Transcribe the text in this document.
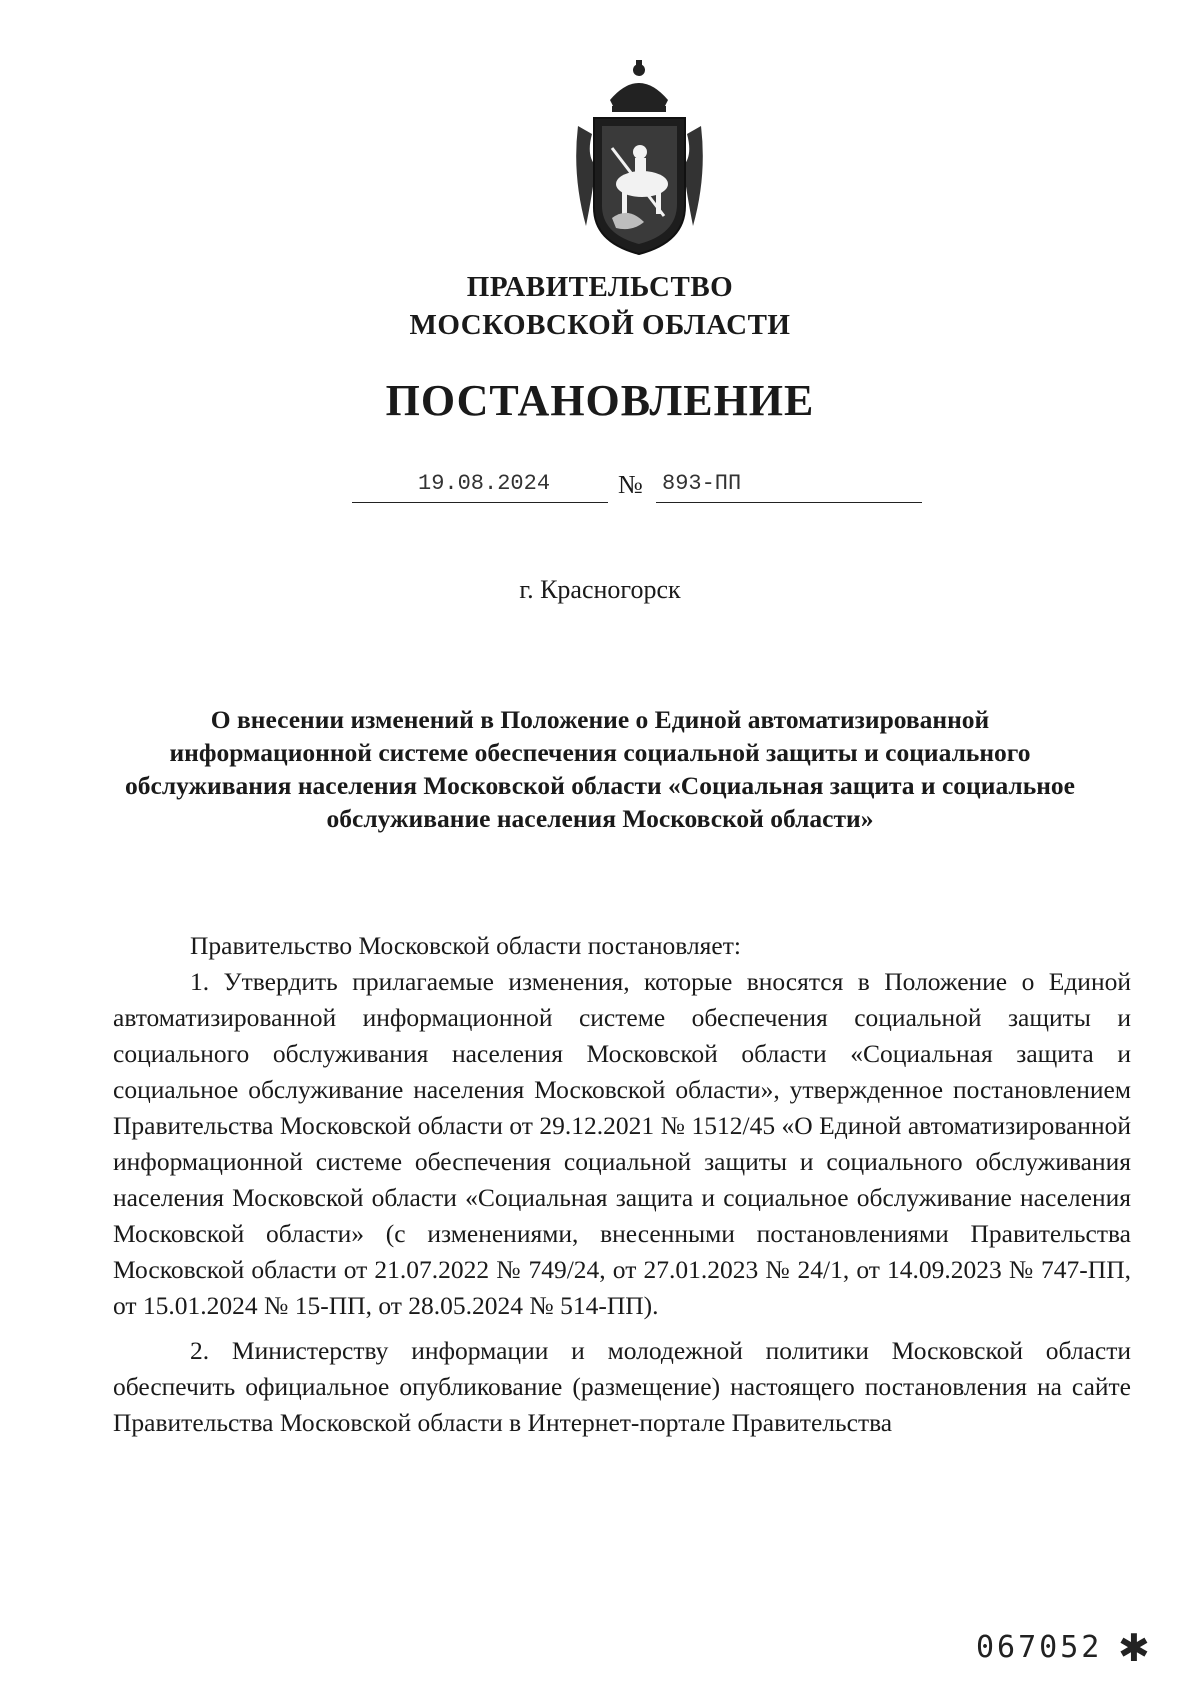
ПРАВИТЕЛЬСТВО
МОСКОВСКОЙ ОБЛАСТИ
ПОСТАНОВЛЕНИЕ
19.08.2024	№ 893-ПП
г. Красногорск
О внесении изменений в Положение о Единой автоматизированной информационной системе обеспечения социальной защиты и социального обслуживания населения Московской области «Социальная защита и социальное обслуживание населения Московской области»

Правительство Московской области постановляет:

1. Утвердить прилагаемые изменения, которые вносятся в Положение о Единой автоматизированной информационной системе обеспечения социальной защиты и социального обслуживания населения Московской области «Социальная защита и социальное обслуживание населения Московской области», утвержденное постановлением Правительства Московской области от 29.12.2021 № 1512/45 «О Единой автоматизированной информационной системе обеспечения социальной защиты и социального обслуживания населения Московской области «Социальная защита и социальное обслуживание населения Московской области» (с изменениями, внесенными постановлениями Правительства Московской области от 21.07.2022 № 749/24, от 27.01.2023 № 24/1, от 14.09.2023 № 747-ПП, от 15.01.2024 № 15-ПП, от 28.05.2024 № 514-ПП).

2. Министерству информации и молодежной политики Московской области обеспечить официальное опубликование (размещение) настоящего постановления на сайте Правительства Московской области в Интернет-портале Правительства

067052 ✱
